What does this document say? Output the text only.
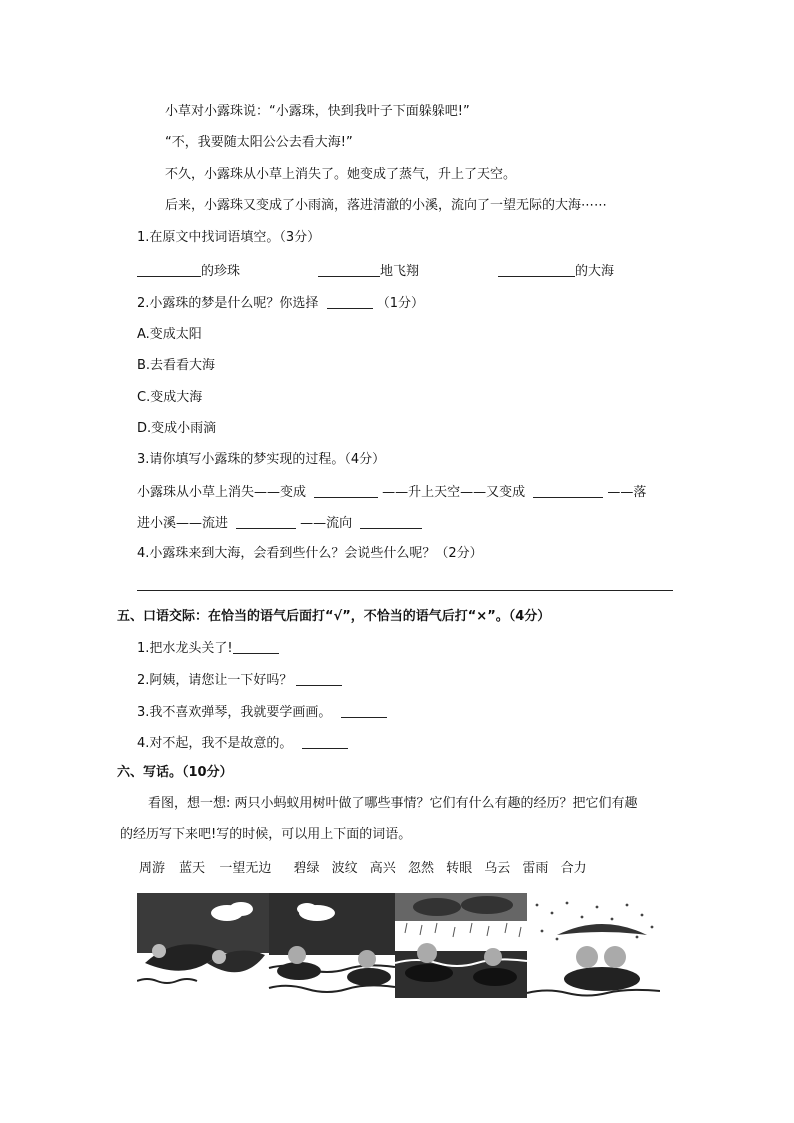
小草对小露珠说：“小露珠，快到我叶子下面躲躲吧!”
“不，我要随太阳公公去看大海!”
不久，小露珠从小草上消失了。她变成了蒸气，升上了天空。
后来，小露珠又变成了小雨滴，落进清澈的小溪，流向了一望无际的大海⋯⋯
1.在原文中找词语填空。（3分）
的珍珠	地飞翔	的大海
2.小露珠的梦是什么呢？你选择	（1分）
A.变成太阳
B.去看看大海
C.变成大海
D.变成小雨滴
3.请你填写小露珠的梦实现的过程。（4分）
小露珠从小草上消失——变成	——升上天空——又变成	——落
进小溪——流进	——流向
4.小露珠来到大海，会看到些什么？会说些什么呢？（2分）
五、口语交际：在恰当的语气后面打“√”，不恰当的语气后打“×”。（4分）
1.把水龙头关了!
2.阿姨，请您让一下好吗？
3.我不喜欢弹琴，我就要学画画。
4.对不起，我不是故意的。
六、写话。（10分）
看图，想一想: 两只小蚂蚁用树叶做了哪些事情？它们有什么有趣的经历？把它们有趣
的经历写下来吧!写的时候，可以用上下面的词语。
周游 蓝天 一望无边 碧绿 波纹 高兴 忽然 转眼 乌云 雷雨 合力
